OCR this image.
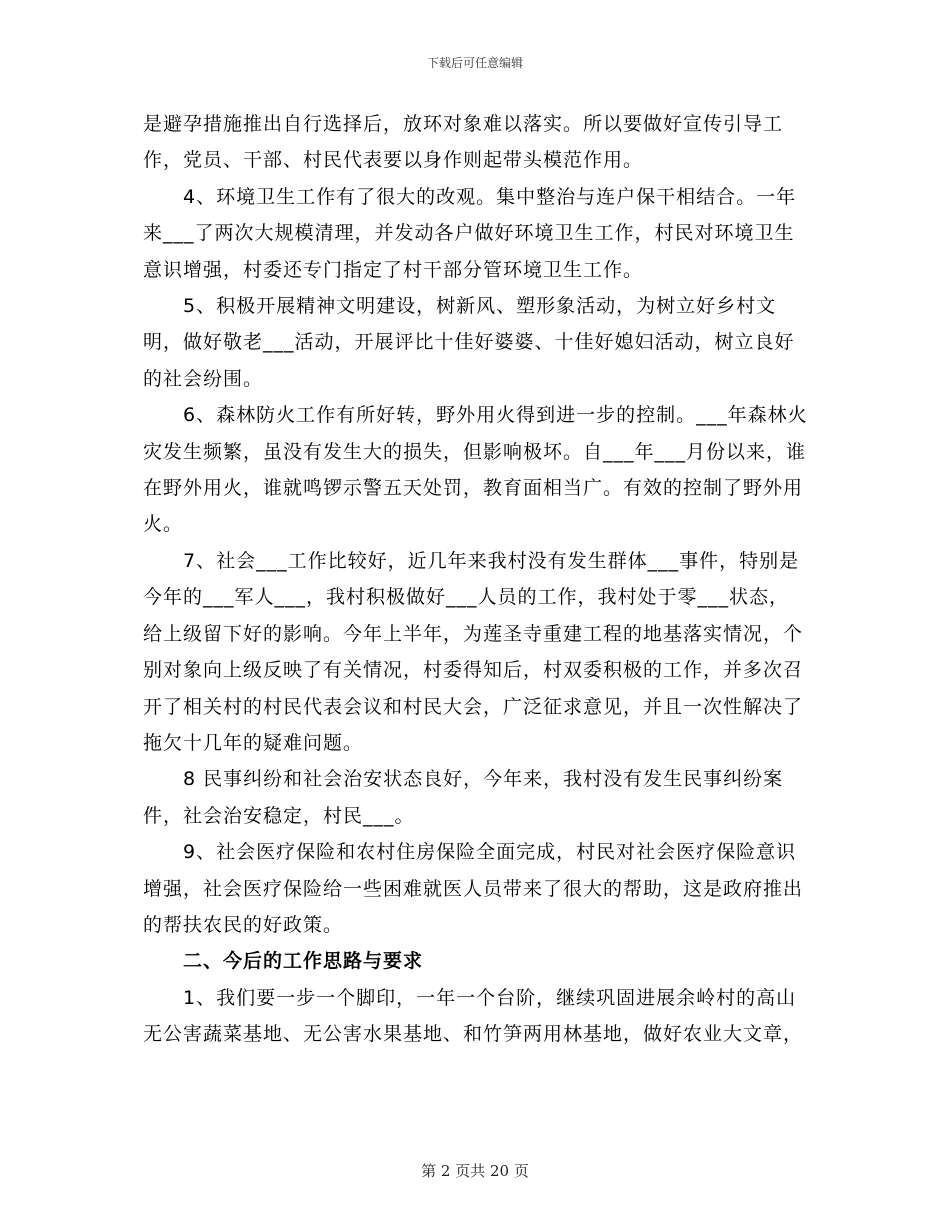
下载后可任意编辑

是避孕措施推出自行选择后，放环对象难以落实。所以要做好宣传引导工作，党员、干部、村民代表要以身作则起带头模范作用。

4、环境卫生工作有了很大的改观。集中整治与连户保干相结合。一年来___了两次大规模清理，并发动各户做好环境卫生工作，村民对环境卫生意识增强，村委还专门指定了村干部分管环境卫生工作。

5、积极开展精神文明建设，树新风、塑形象活动，为树立好乡村文明，做好敬老___活动，开展评比十佳好婆婆、十佳好媳妇活动，树立良好的社会纷围。

6、森林防火工作有所好转，野外用火得到进一步的控制。___年森林火灾发生频繁，虽没有发生大的损失，但影响极坏。自___年___月份以来，谁在野外用火，谁就鸣锣示警五天处罚，教育面相当广。有效的控制了野外用火。

7、社会___工作比较好，近几年来我村没有发生群体___事件，特别是今年的___军人___，我村积极做好___人员的工作，我村处于零___状态，给上级留下好的影响。今年上半年，为莲圣寺重建工程的地基落实情况，个别对象向上级反映了有关情况，村委得知后，村双委积极的工作，并多次召开了相关村的村民代表会议和村民大会，广泛征求意见，并且一次性解决了拖欠十几年的疑难问题。

8 民事纠纷和社会治安状态良好，今年来，我村没有发生民事纠纷案件，社会治安稳定，村民___。

9、社会医疗保险和农村住房保险全面完成，村民对社会医疗保险意识增强，社会医疗保险给一些困难就医人员带来了很大的帮助，这是政府推出的帮扶农民的好政策。

二、今后的工作思路与要求

1、我们要一步一个脚印，一年一个台阶，继续巩固进展余岭村的高山无公害蔬菜基地、无公害水果基地、和竹笋两用林基地，做好农业大文章，

第 2 页共 20 页
